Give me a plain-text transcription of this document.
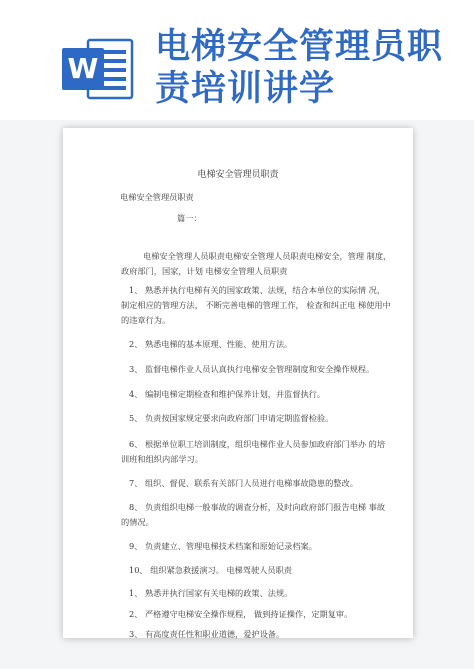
W
电梯安全管理员职
责培训讲学
电梯安全管理员职责
电梯安全管理员职责
篇一：
电梯安全管理人员职责电梯安全管理人员职责电梯安全，管理 制度，
政府部门，国家，计划 电梯安全管理人员职责
1、 熟悉并执行电梯有关的国家政策、法规，结合本单位的实际情 况，
制定相应的管理方法， 不断完善电梯的管理工作， 检查和纠正电 梯使用中
的违章行为。
2、 熟悉电梯的基本原理、性能、使用方法。
3、 监督电梯作业人员认真执行电梯安全管理制度和安全操作规程。
4、 编制电梯定期检查和维护保养计划，并监督执行。
5、 负责按国家规定要求向政府部门申请定期监督检验。
6、 根据单位职工培训制度，组织电梯作业人员参加政府部门举办 的培
训班和组织内部学习。
7、 组织、督促、联系有关部门人员进行电梯事故隐患的整改。
8、 负责组织电梯一般事故的调查分析，及时向政府部门报告电梯 事故
的情况。
9、 负责建立、管理电梯技术档案和原始记录档案。
10、 组织紧急救援演习。 电梯驾驶人员职责
1、 熟悉并执行国家有关电梯的政策、法规。
2、 严格遵守电梯安全操作规程， 做到持证操作，定期复审。
3、 有高度责任性和职业道德，爱护设备。
